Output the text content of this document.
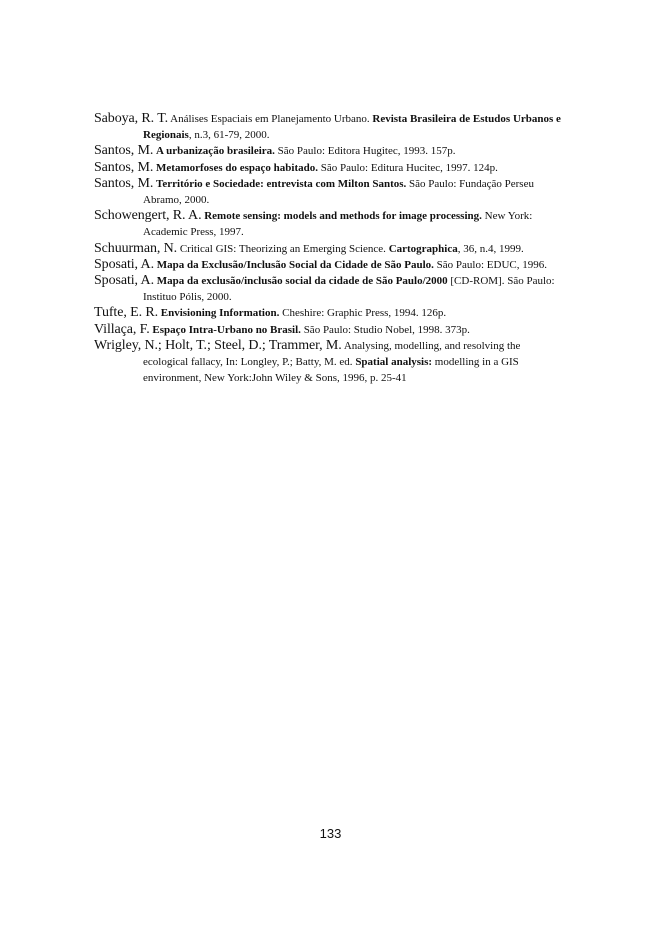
Saboya, R. T. Análises Espaciais em Planejamento Urbano. Revista Brasileira de Estudos Urbanos e Regionais, n.3, 61-79, 2000.

Santos, M. A urbanização brasileira. São Paulo: Editora Hugitec, 1993. 157p.

Santos, M. Metamorfoses do espaço habitado. São Paulo: Editura Hucitec, 1997. 124p.

Santos, M. Território e Sociedade: entrevista com Milton Santos. São Paulo: Fundação Perseu Abramo, 2000.

Schowengert, R. A. Remote sensing: models and methods for image processing. New York: Academic Press, 1997.

Schuurman, N. Critical GIS: Theorizing an Emerging Science. Cartographica, 36, n.4, 1999.

Sposati, A. Mapa da Exclusão/Inclusão Social da Cidade de São Paulo. São Paulo: EDUC, 1996.

Sposati, A. Mapa da exclusão/inclusão social da cidade de São Paulo/2000 [CD-ROM]. São Paulo: Instituo Pólis, 2000.

Tufte, E. R. Envisioning Information. Cheshire: Graphic Press, 1994. 126p.

Villaça, F. Espaço Intra-Urbano no Brasil. São Paulo: Studio Nobel, 1998. 373p.

Wrigley, N.; Holt, T.; Steel, D.; Trammer, M. Analysing, modelling, and resolving the ecological fallacy, In: Longley, P.; Batty, M. ed. Spatial analysis: modelling in a GIS environment, New York:John Wiley & Sons, 1996, p. 25-41

133
